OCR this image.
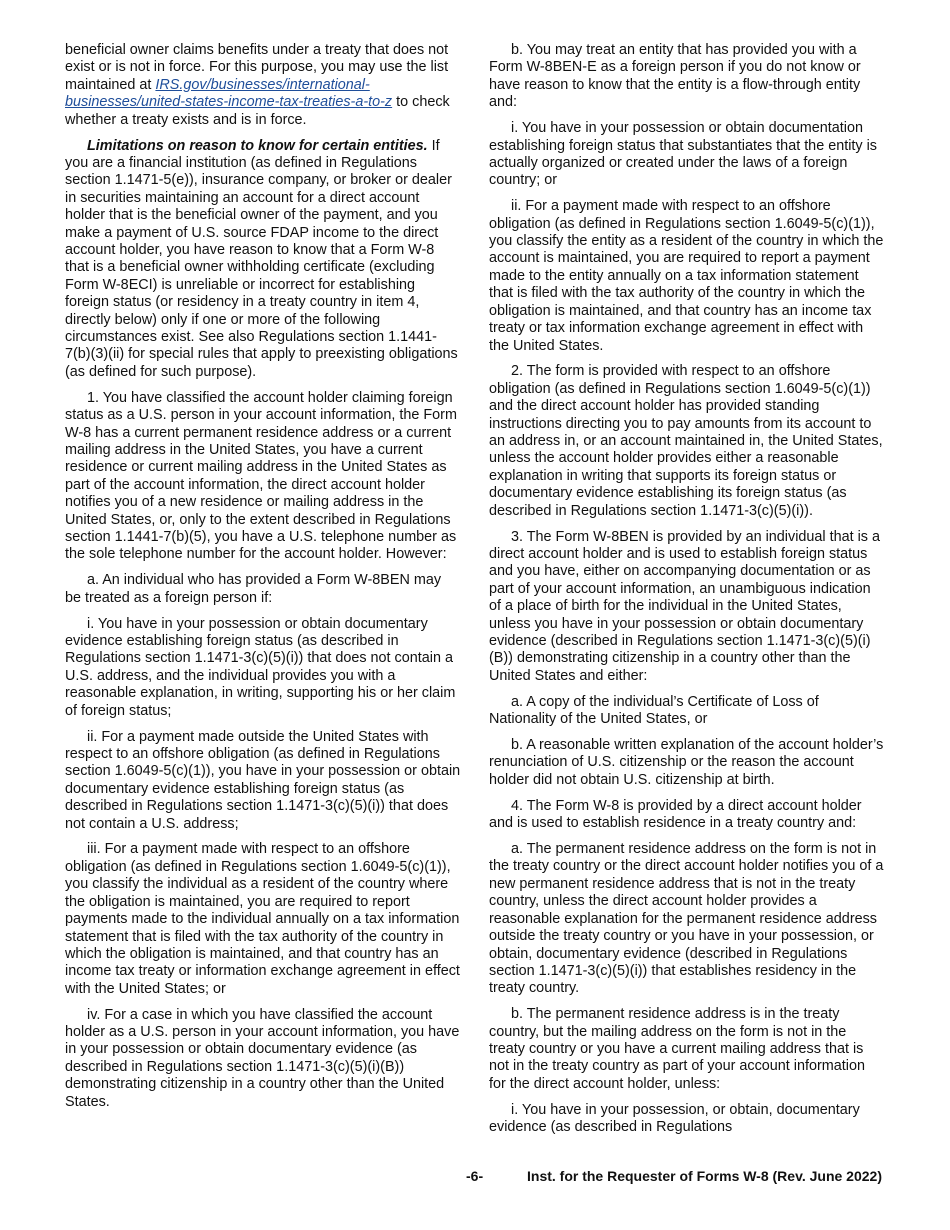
beneficial owner claims benefits under a treaty that does not exist or is not in force. For this purpose, you may use the list maintained at IRS.gov/businesses/international-businesses/united-states-income-tax-treaties-a-to-z to check whether a treaty exists and is in force.

Limitations on reason to know for certain entities. If you are a financial institution (as defined in Regulations section 1.1471-5(e)), insurance company, or broker or dealer in securities maintaining an account for a direct account holder that is the beneficial owner of the payment, and you make a payment of U.S. source FDAP income to the direct account holder, you have reason to know that a Form W-8 that is a beneficial owner withholding certificate (excluding Form W-8ECI) is unreliable or incorrect for establishing foreign status (or residency in a treaty country in item 4, directly below) only if one or more of the following circumstances exist. See also Regulations section 1.1441-7(b)(3)(ii) for special rules that apply to preexisting obligations (as defined for such purpose).

1. You have classified the account holder claiming foreign status as a U.S. person in your account information, the Form W-8 has a current permanent residence address or a current mailing address in the United States, you have a current residence or current mailing address in the United States as part of the account information, the direct account holder notifies you of a new residence or mailing address in the United States, or, only to the extent described in Regulations section 1.1441-7(b)(5), you have a U.S. telephone number as the sole telephone number for the account holder. However:

a. An individual who has provided a Form W-8BEN may be treated as a foreign person if:

i. You have in your possession or obtain documentary evidence establishing foreign status (as described in Regulations section 1.1471-3(c)(5)(i)) that does not contain a U.S. address, and the individual provides you with a reasonable explanation, in writing, supporting his or her claim of foreign status;

ii. For a payment made outside the United States with respect to an offshore obligation (as defined in Regulations section 1.6049-5(c)(1)), you have in your possession or obtain documentary evidence establishing foreign status (as described in Regulations section 1.1471-3(c)(5)(i)) that does not contain a U.S. address;

iii. For a payment made with respect to an offshore obligation (as defined in Regulations section 1.6049-5(c)(1)), you classify the individual as a resident of the country where the obligation is maintained, you are required to report payments made to the individual annually on a tax information statement that is filed with the tax authority of the country in which the obligation is maintained, and that country has an income tax treaty or information exchange agreement in effect with the United States; or

iv. For a case in which you have classified the account holder as a U.S. person in your account information, you have in your possession or obtain documentary evidence (as described in Regulations section 1.1471-3(c)(5)(i)(B)) demonstrating citizenship in a country other than the United States.

b. You may treat an entity that has provided you with a Form W-8BEN-E as a foreign person if you do not know or have reason to know that the entity is a flow-through entity and:

i. You have in your possession or obtain documentation establishing foreign status that substantiates that the entity is actually organized or created under the laws of a foreign country; or

ii. For a payment made with respect to an offshore obligation (as defined in Regulations section 1.6049-5(c)(1)), you classify the entity as a resident of the country in which the account is maintained, you are required to report a payment made to the entity annually on a tax information statement that is filed with the tax authority of the country in which the obligation is maintained, and that country has an income tax treaty or tax information exchange agreement in effect with the United States.

2. The form is provided with respect to an offshore obligation (as defined in Regulations section 1.6049-5(c)(1)) and the direct account holder has provided standing instructions directing you to pay amounts from its account to an address in, or an account maintained in, the United States, unless the account holder provides either a reasonable explanation in writing that supports its foreign status or documentary evidence establishing its foreign status (as described in Regulations section 1.1471-3(c)(5)(i)).

3. The Form W-8BEN is provided by an individual that is a direct account holder and is used to establish foreign status and you have, either on accompanying documentation or as part of your account information, an unambiguous indication of a place of birth for the individual in the United States, unless you have in your possession or obtain documentary evidence (described in Regulations section 1.1471-3(c)(5)(i)(B)) demonstrating citizenship in a country other than the United States and either:

a. A copy of the individual’s Certificate of Loss of Nationality of the United States, or

b. A reasonable written explanation of the account holder’s renunciation of U.S. citizenship or the reason the account holder did not obtain U.S. citizenship at birth.

4. The Form W-8 is provided by a direct account holder and is used to establish residence in a treaty country and:

a. The permanent residence address on the form is not in the treaty country or the direct account holder notifies you of a new permanent residence address that is not in the treaty country, unless the direct account holder provides a reasonable explanation for the permanent residence address outside the treaty country or you have in your possession, or obtain, documentary evidence (described in Regulations section 1.1471-3(c)(5)(i)) that establishes residency in the treaty country.

b. The permanent residence address is in the treaty country, but the mailing address on the form is not in the treaty country or you have a current mailing address that is not in the treaty country as part of your account information for the direct account holder, unless:

i. You have in your possession, or obtain, documentary evidence (as described in Regulations

-6-	Inst. for the Requester of Forms W-8 (Rev. June 2022)
